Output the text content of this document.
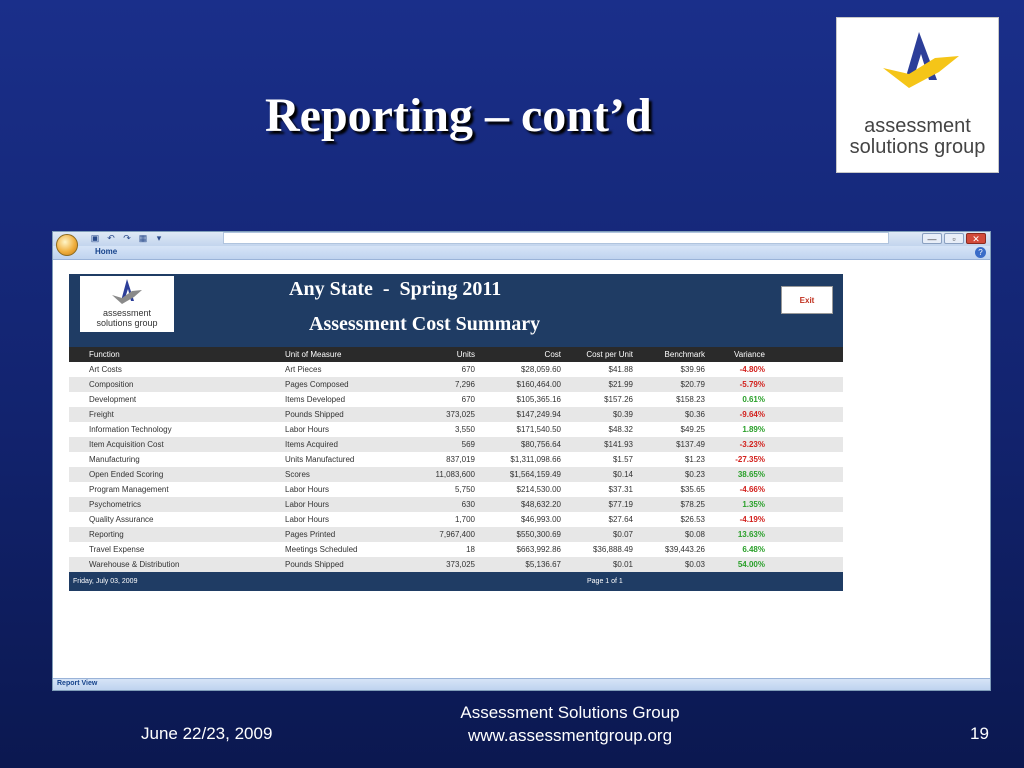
Reporting – cont’d	assessment
solutions group
▣ ↶ ↷ ▦	▾	—	▫	✕
Home	?
assessment
solutions group
Any State  -  Spring 2011
Assessment Cost Summary
Exit
Function	Unit of Measure	Units	Cost	Cost per Unit	Benchmark	Variance	
Art Costs	Art Pieces	670	$28,059.60	$41.88	$39.96	-4.80%	
Composition	Pages Composed	7,296	$160,464.00	$21.99	$20.79	-5.79%	
Development	Items Developed	670	$105,365.16	$157.26	$158.23	0.61%	
Freight	Pounds Shipped	373,025	$147,249.94	$0.39	$0.36	-9.64%	
Information Technology	Labor Hours	3,550	$171,540.50	$48.32	$49.25	1.89%	
Item Acquisition Cost	Items Acquired	569	$80,756.64	$141.93	$137.49	-3.23%	
Manufacturing	Units Manufactured	837,019	$1,311,098.66	$1.57	$1.23	-27.35%	
Open Ended Scoring	Scores	11,083,600	$1,564,159.49	$0.14	$0.23	38.65%	
Program Management	Labor Hours	5,750	$214,530.00	$37.31	$35.65	-4.66%	
Psychometrics	Labor Hours	630	$48,632.20	$77.19	$78.25	1.35%	
Quality Assurance	Labor Hours	1,700	$46,993.00	$27.64	$26.53	-4.19%	
Reporting	Pages Printed	7,967,400	$550,300.69	$0.07	$0.08	13.63%	
Travel Expense	Meetings Scheduled	18	$663,992.86	$36,888.49	$39,443.26	6.48%	
Warehouse & Distribution	Pounds Shipped	373,025	$5,136.67	$0.01	$0.03	54.00%	
Friday, July 03, 2009	Page 1 of 1
Report View
June 22/23, 2009
Assessment Solutions Group
www.assessmentgroup.org	19
